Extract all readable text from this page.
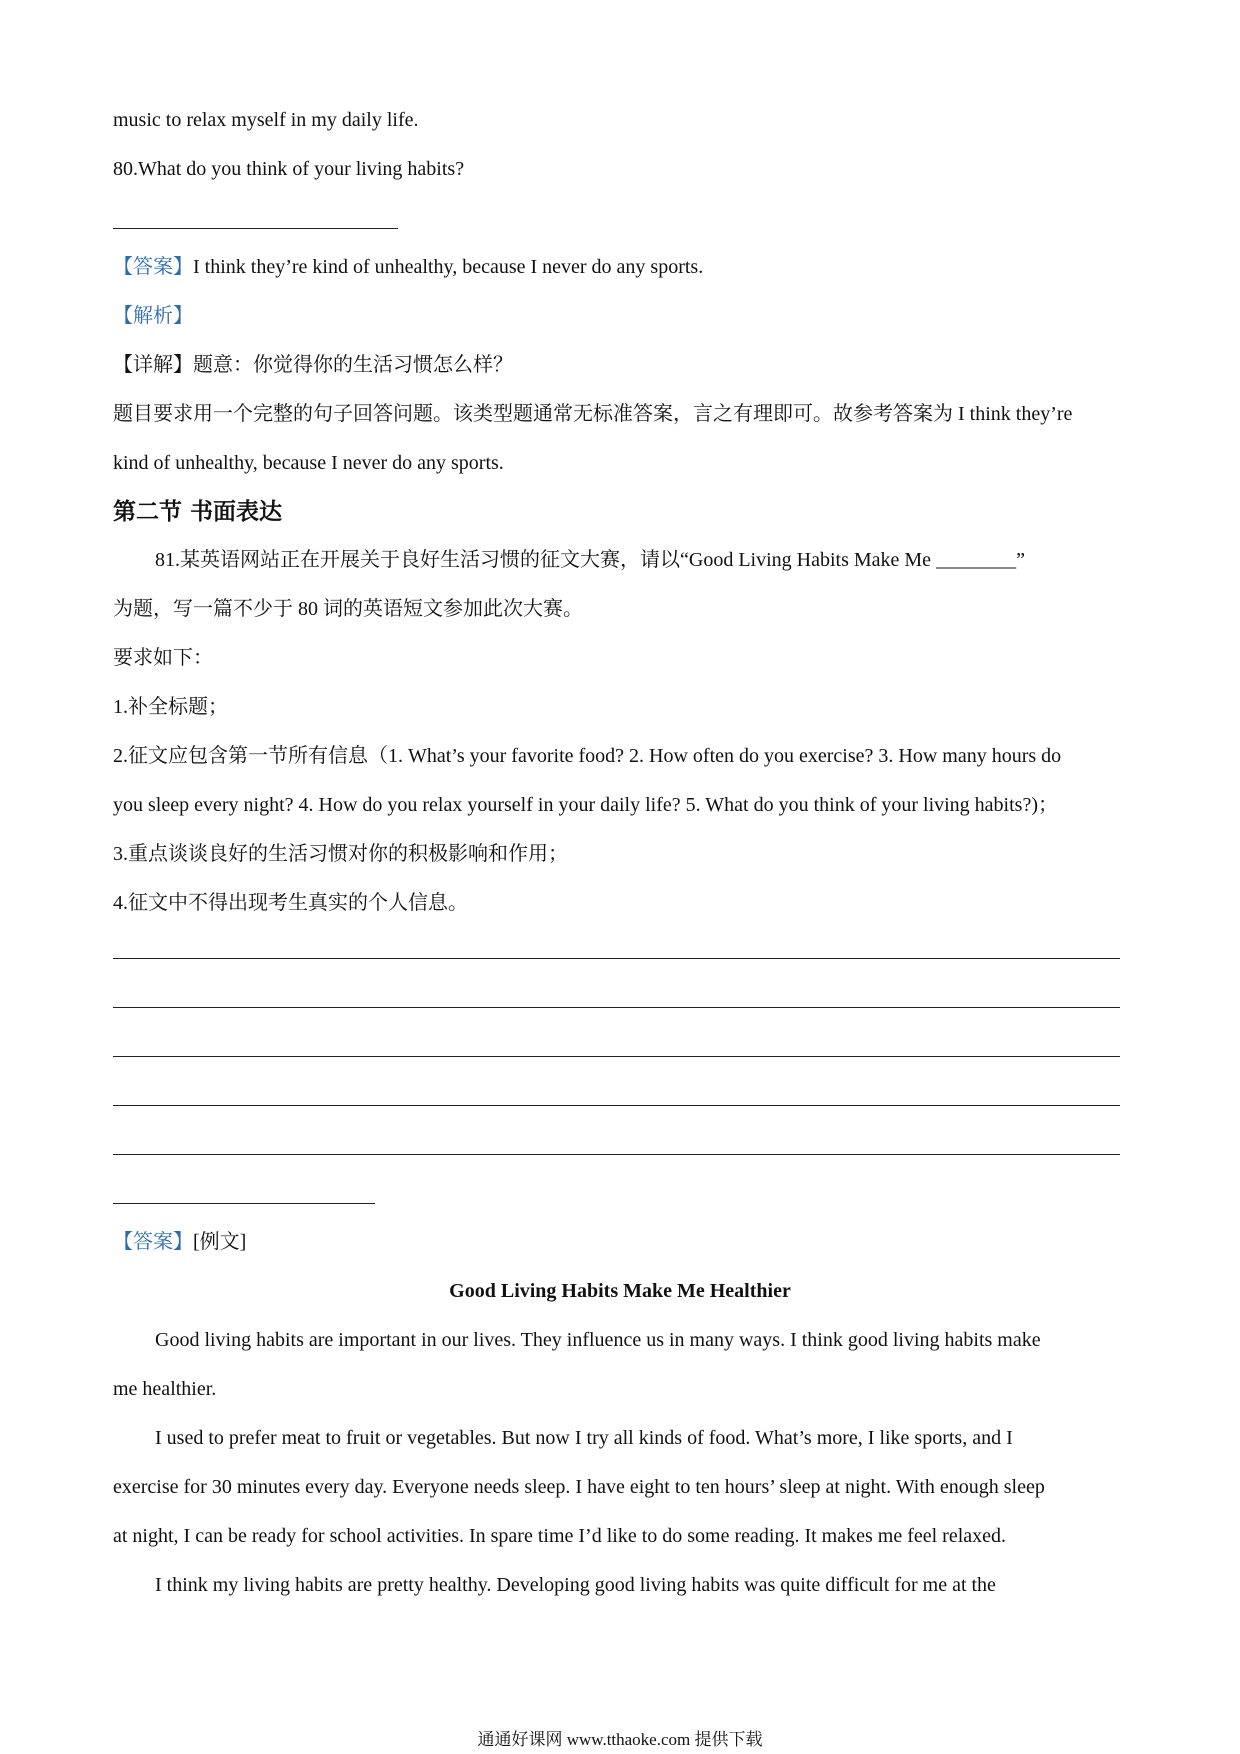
music to relax myself in my daily life.
80.What do you think of your living habits?
【答案】I think they’re kind of unhealthy, because I never do any sports.
【解析】
【详解】题意：你觉得你的生活习惯怎么样？
题目要求用一个完整的句子回答问题。该类型题通常无标准答案，言之有理即可。故参考答案为 I think they’re
kind of unhealthy, because I never do any sports.
第二节 书面表达
81.某英语网站正在开展关于良好生活习惯的征文大赛，请以“Good Living Habits Make Me ________”
为题，写一篇不少于 80 词的英语短文参加此次大赛。
要求如下：
1.补全标题；
2.征文应包含第一节所有信息（1. What’s your favorite food? 2. How often do you exercise? 3. How many hours do
you sleep every night? 4. How do you relax yourself in your daily life? 5. What do you think of your living habits?)；
3.重点谈谈良好的生活习惯对你的积极影响和作用；
4.征文中不得出现考生真实的个人信息。
【答案】[例文]
Good Living Habits Make Me Healthier
Good living habits are important in our lives. They influence us in many ways. I think good living habits make
me healthier.
I used to prefer meat to fruit or vegetables. But now I try all kinds of food. What’s more, I like sports, and I
exercise for 30 minutes every day. Everyone needs sleep. I have eight to ten hours’ sleep at night. With enough sleep
at night, I can be ready for school activities. In spare time I’d like to do some reading. It makes me feel relaxed.
I think my living habits are pretty healthy. Developing good living habits was quite difficult for me at the
通通好课网 www.tthaoke.com 提供下载
